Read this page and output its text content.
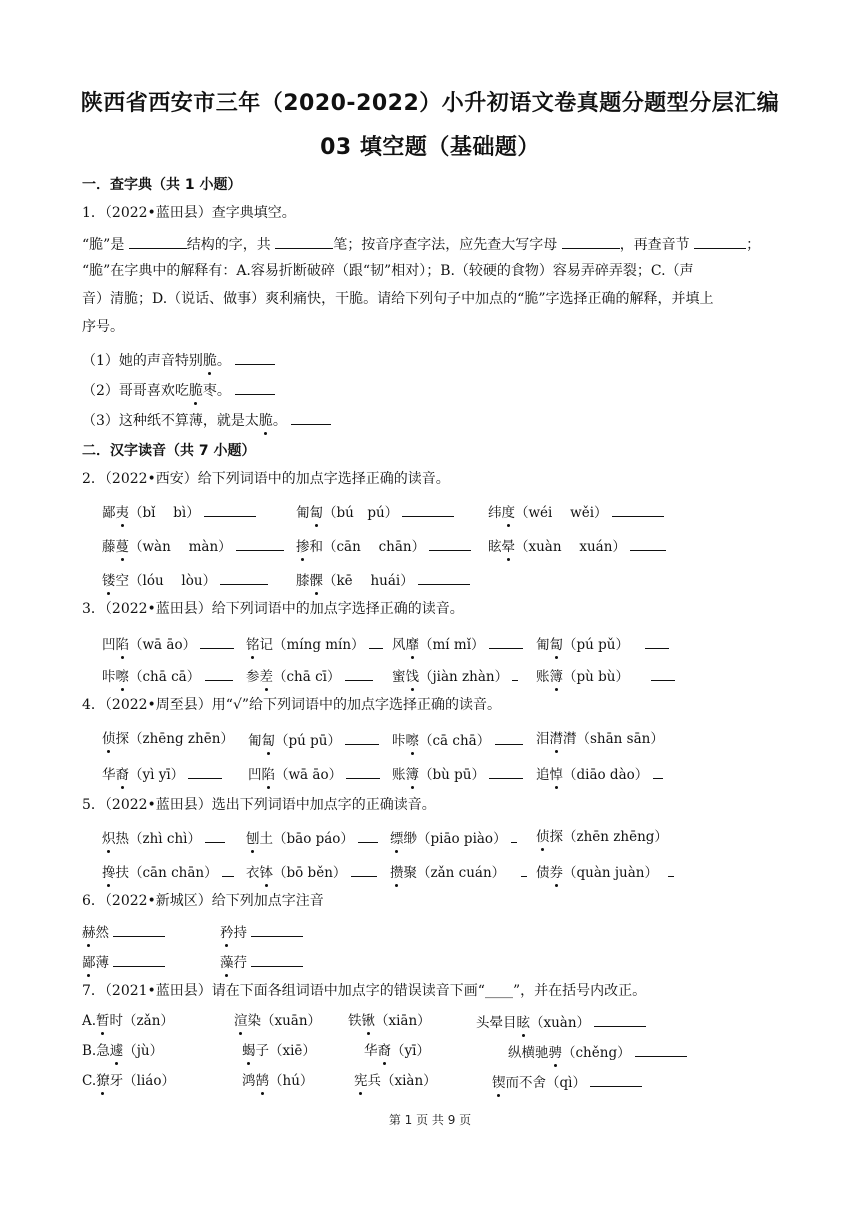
陕西省西安市三年（2020-2022）小升初语文卷真题分题型分层汇编
03 填空题（基础题）
一．查字典（共 1 小题）
1．（2022•蓝田县）查字典填空。
“脆”是	结构的字，共	笔；按音序查字法，应先查大写字母	，再查音节	；
“脆”在字典中的解释有：A.容易折断破碎（跟“韧”相对）；B.（较硬的食物）容易弄碎弄裂；C.（声
音）清脆；D.（说话、做事）爽利痛快，干脆。请给下列句子中加点的“脆”字选择正确的解释，并填上
序号。
（1）她的声音特别脆。
（2）哥哥喜欢吃脆枣。
（3）这种纸不算薄，就是太脆。
二．汉字读音（共 7 小题）
2．（2022•西安）给下列词语中的加点字选择正确的读音。
鄙夷（bǐ　 bì）	匍匐（bú　pú）	纬度（wéi　 wěi）
藤蔓（wàn　 màn）	掺和（cān　 chān）	眩晕（xuàn　 xuán）
镂空（lóu　 lòu）	膝髁（kē　 huái）
3．（2022•蓝田县）给下列词语中的加点字选择正确的读音。
凹陷（wā āo）	铭记（míng mín）	风靡（mí mǐ）	匍匐（pú pǔ）
咔嚓（chā cā）	参差（chā cī）	蜜饯（jiàn zhàn）	账簿（pù bù）
4．（2022•周至县）用“√”给下列词语中的加点字选择正确的读音。
侦探（zhēng zhēn） 匍匐（pú pū）	咔嚓（cā chā）	泪潸潸（shān sān）
华裔（yì yī）	凹陷（wā āo）	账簿（bù pū）	追悼（diāo dào）
5．（2022•蓝田县）选出下列词语中加点字的正确读音。
炽热（zhì chì）	刨土（bāo páo）	缥缈（piāo piào）	侦探（zhēn zhēng）
搀扶（cān chān）	衣钵（bō běn）	攒聚（zǎn cuán）	债券（quàn juàn）
6．（2022•新城区）给下列加点字注音
赫然	矜持
鄙薄	藻荇
7．（2021•蓝田县）请在下面各组词语中加点字的错误读音下画“____”，并在括号内改正。
A.暂时（zǎn）	渲染（xuān） 铁锹（xiān）	头晕目眩（xuàn）
B.急遽（jù）	蝎子（xiē）	华裔（yī）	纵横驰骋（chěng）
C.獠牙（liáo）	鸿鹄（hú）	宪兵（xiàn）	锲而不舍（qì）
第 1 页 共 9 页
